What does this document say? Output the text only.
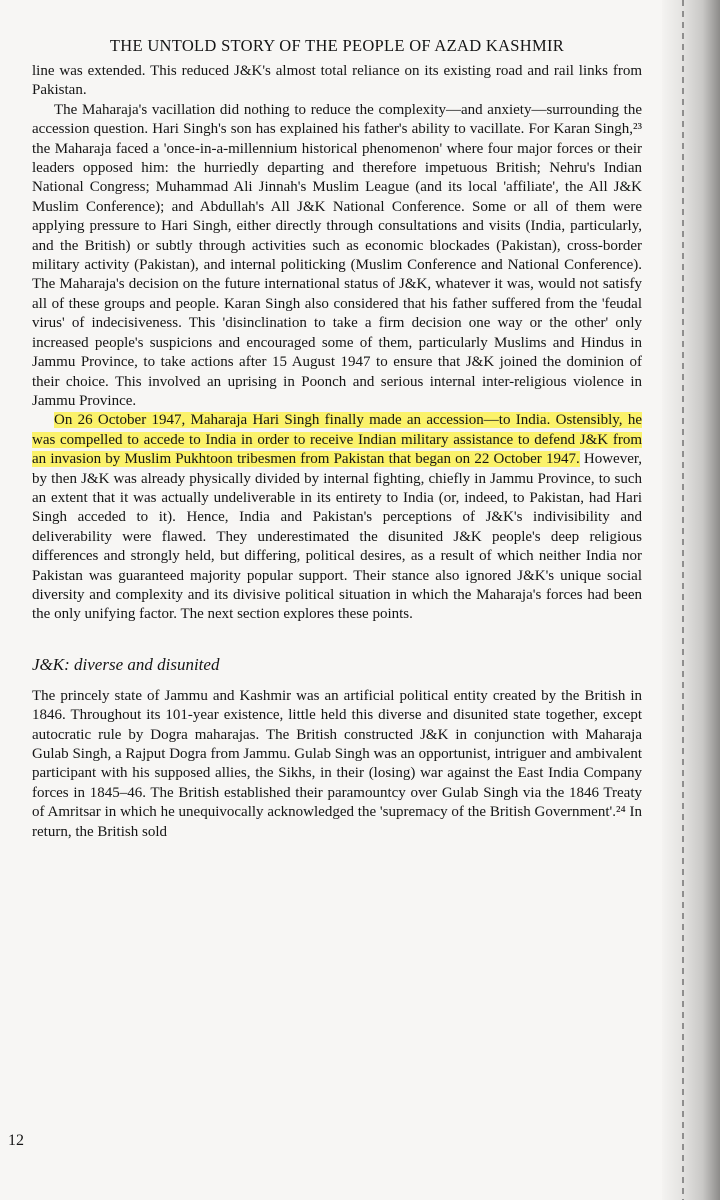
THE UNTOLD STORY OF THE PEOPLE OF AZAD KASHMIR

line was extended. This reduced J&K's almost total reliance on its existing road and rail links from Pakistan.

The Maharaja's vacillation did nothing to reduce the complexity—and anxiety—surrounding the accession question. Hari Singh's son has explained his father's ability to vacillate. For Karan Singh,²³ the Maharaja faced a 'once-in-a-millennium historical phenomenon' where four major forces or their leaders opposed him: the hurriedly departing and therefore impetuous British; Nehru's Indian National Congress; Muhammad Ali Jinnah's Muslim League (and its local 'affiliate', the All J&K Muslim Conference); and Abdullah's All J&K National Conference. Some or all of them were applying pressure to Hari Singh, either directly through consultations and visits (India, particularly, and the British) or subtly through activities such as economic blockades (Pakistan), cross-border military activity (Pakistan), and internal politicking (Muslim Conference and National Conference). The Maharaja's decision on the future international status of J&K, whatever it was, would not satisfy all of these groups and people. Karan Singh also considered that his father suffered from the 'feudal virus' of indecisiveness. This 'disinclination to take a firm decision one way or the other' only increased people's suspicions and encouraged some of them, particularly Muslims and Hindus in Jammu Province, to take actions after 15 August 1947 to ensure that J&K joined the dominion of their choice. This involved an uprising in Poonch and serious internal inter-religious violence in Jammu Province.

On 26 October 1947, Maharaja Hari Singh finally made an accession—to India. Ostensibly, he was compelled to accede to India in order to receive Indian military assistance to defend J&K from an invasion by Muslim Pukhtoon tribesmen from Pakistan that began on 22 October 1947. However, by then J&K was already physically divided by internal fighting, chiefly in Jammu Province, to such an extent that it was actually undeliverable in its entirety to India (or, indeed, to Pakistan, had Hari Singh acceded to it). Hence, India and Pakistan's perceptions of J&K's indivisibility and deliverability were flawed. They underestimated the disunited J&K people's deep religious differences and strongly held, but differing, political desires, as a result of which neither India nor Pakistan was guaranteed majority popular support. Their stance also ignored J&K's unique social diversity and complexity and its divisive political situation in which the Maharaja's forces had been the only unifying factor. The next section explores these points.

J&K: diverse and disunited

The princely state of Jammu and Kashmir was an artificial political entity created by the British in 1846. Throughout its 101-year existence, little held this diverse and disunited state together, except autocratic rule by Dogra maharajas. The British constructed J&K in conjunction with Maharaja Gulab Singh, a Rajput Dogra from Jammu. Gulab Singh was an opportunist, intriguer and ambivalent participant with his supposed allies, the Sikhs, in their (losing) war against the East India Company forces in 1845–46. The British established their paramountcy over Gulab Singh via the 1846 Treaty of Amritsar in which he unequivocally acknowledged the 'supremacy of the British Government'.²⁴ In return, the British sold

12
